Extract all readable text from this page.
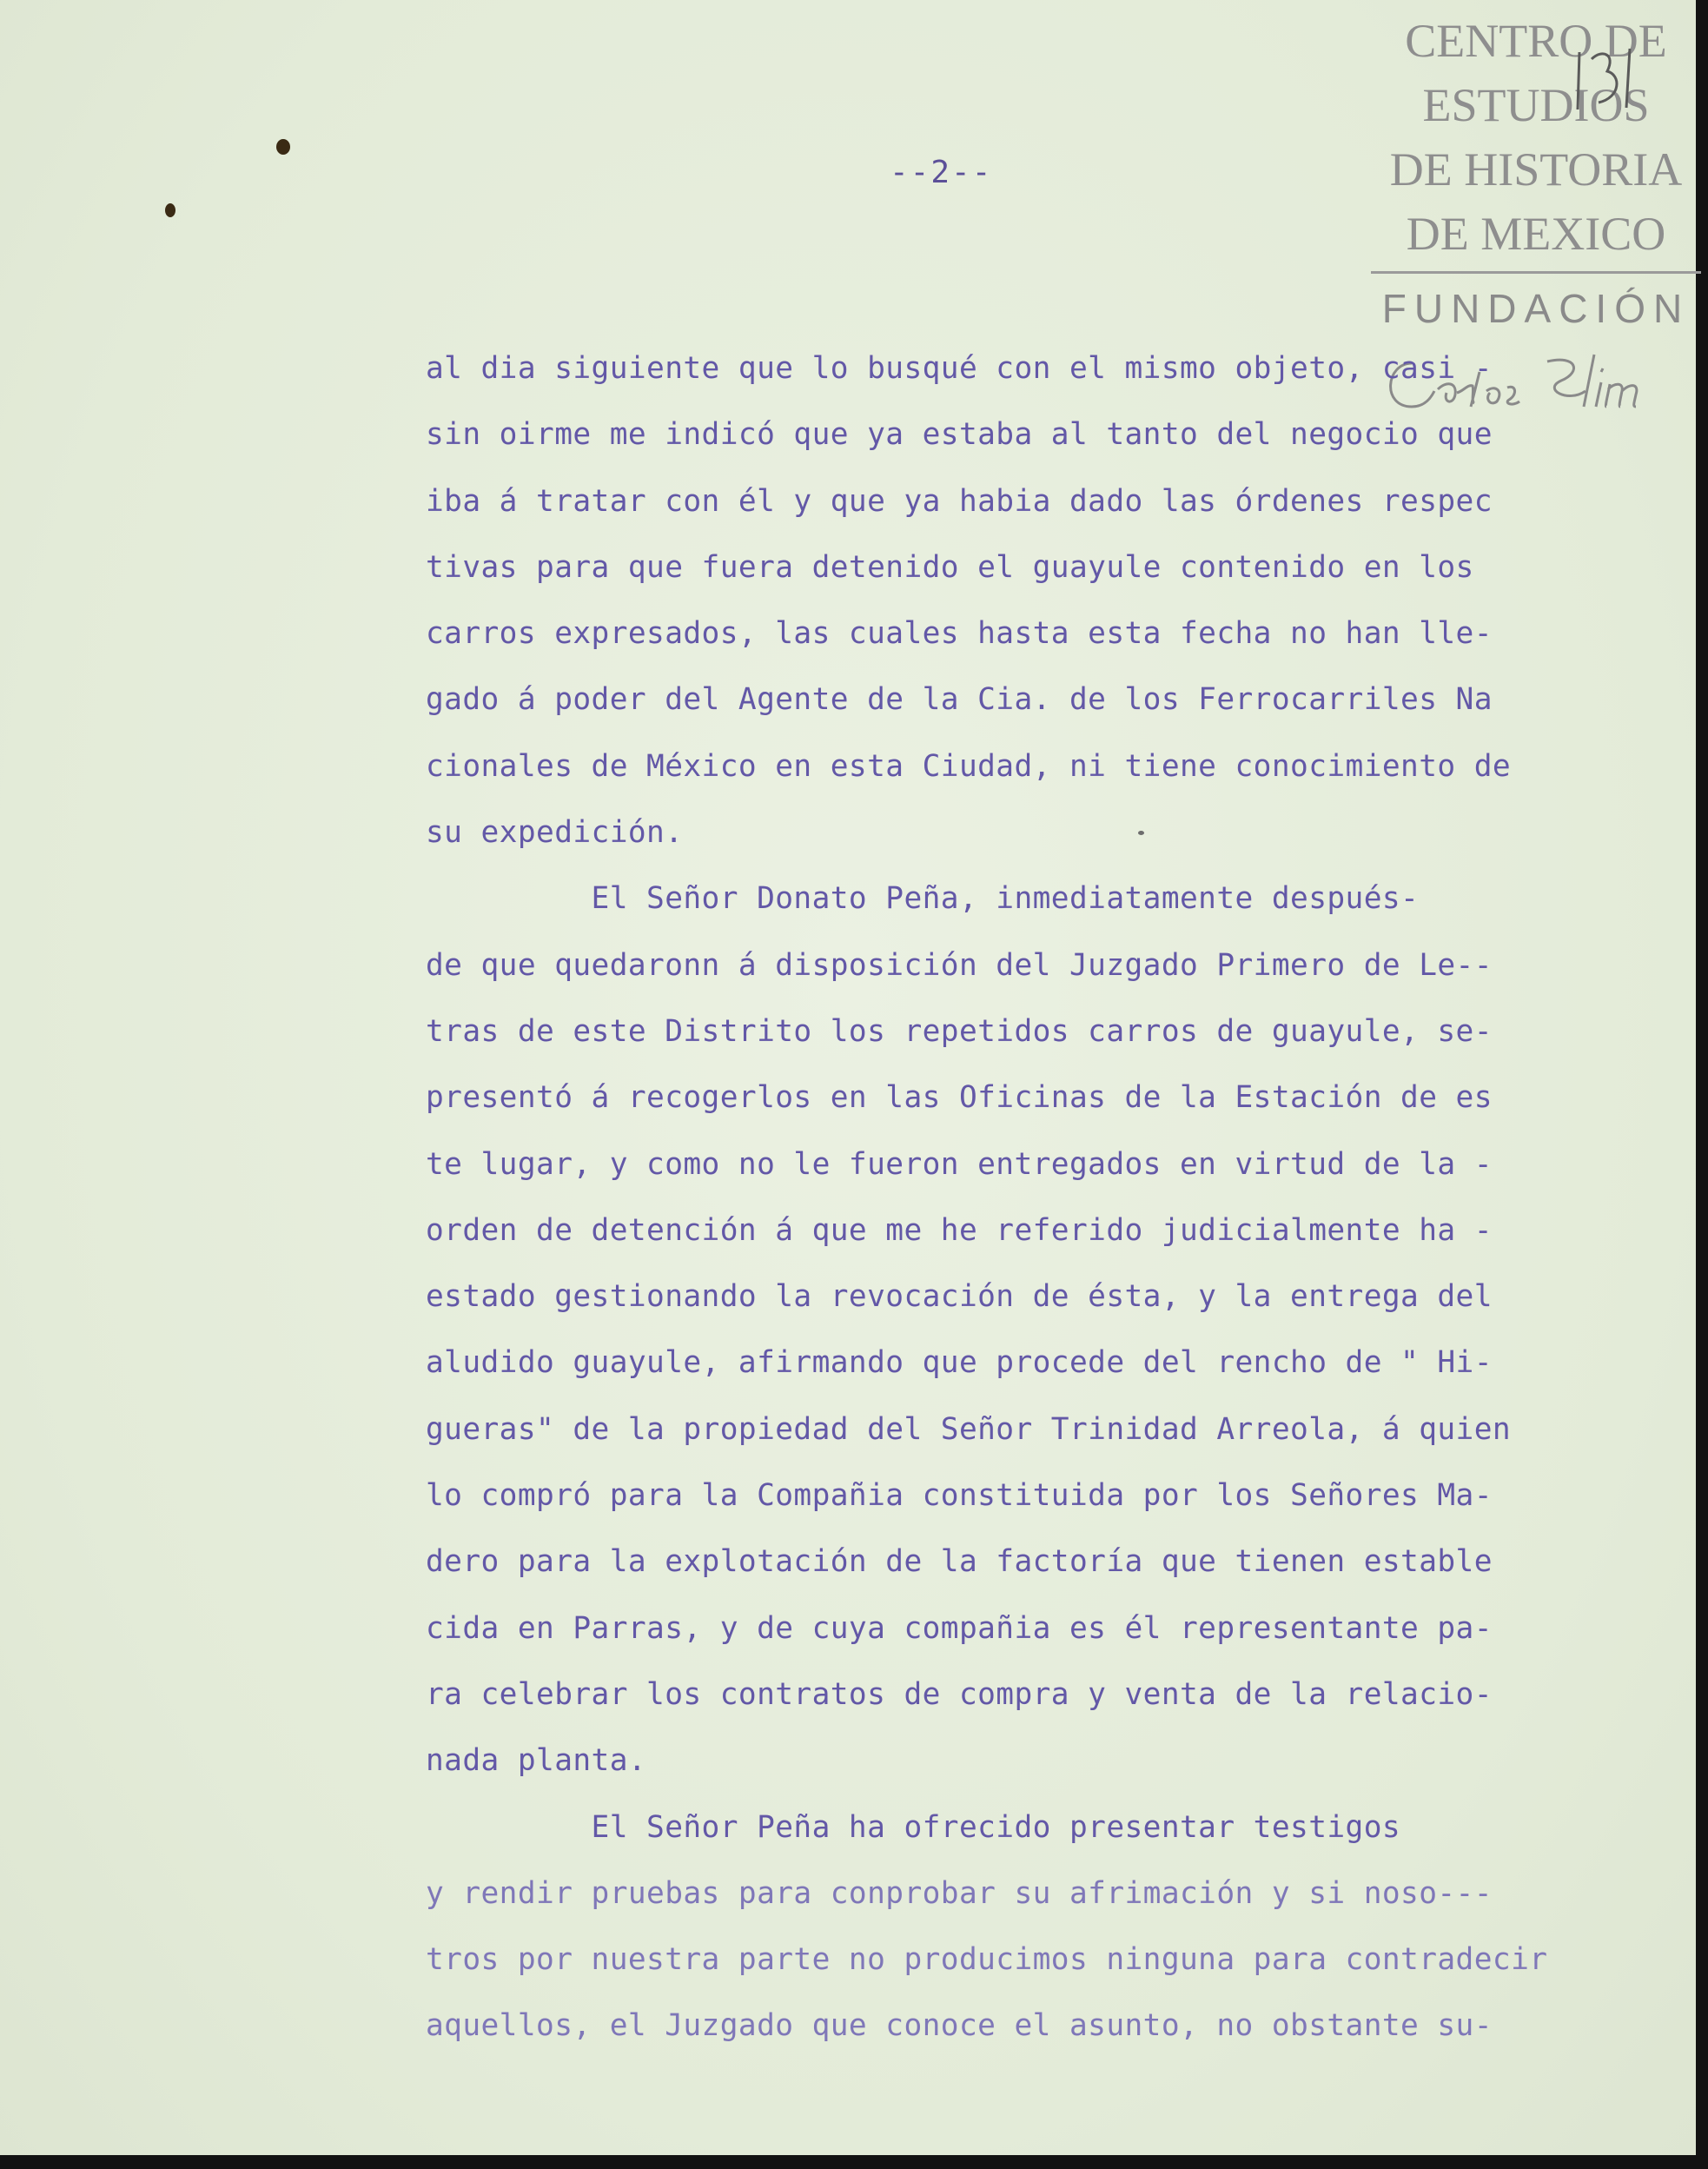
--2--
CENTRO DE
ESTUDIOS
DE HISTORIA
DE MEXICO
FUNDACIÓN
al dia siguiente que lo busqué con el mismo objeto, casi -
sin oirme me indicó que ya estaba al tanto del negocio que
iba á tratar con él y que ya habia dado las órdenes respec
tivas para que fuera detenido el guayule contenido en los
carros expresados, las cuales hasta esta fecha no han lle-
gado á poder del Agente de la Cia. de los Ferrocarriles Na
cionales de México en esta Ciudad, ni tiene conocimiento de
su expedición.
El Señor Donato Peña, inmediatamente después-
de que quedaronn á disposición del Juzgado Primero de Le--
tras de este Distrito los repetidos carros de guayule, se-
presentó á recogerlos en las Oficinas de la Estación de es
te lugar, y como no le fueron entregados en virtud de la -
orden de detención á que me he referido judicialmente ha -
estado gestionando la revocación de ésta, y la entrega del
aludido guayule, afirmando que procede del rencho de " Hi-
gueras" de la propiedad del Señor Trinidad Arreola, á quien
lo compró para la Compañia constituida por los Señores Ma-
dero para la explotación de la factoría que tienen estable
cida en Parras, y de cuya compañia es él representante pa-
ra celebrar los contratos de compra y venta de la relacio-
nada planta.
El Señor Peña ha ofrecido presentar testigos
y rendir pruebas para conprobar su afrimación y si noso---
tros por nuestra parte no producimos ninguna para contradecir
aquellos, el Juzgado que conoce el asunto, no obstante su-
